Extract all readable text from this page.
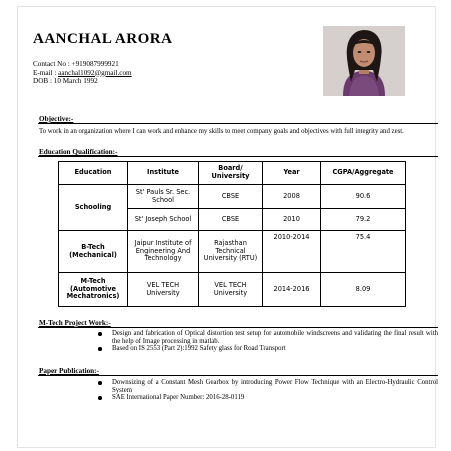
AANCHAL ARORA
Contact No : +919087999921
E-mail : aanchal1092@gmail.com
DOB : 10 March 1992
Objective:-
To work in an organization where I can work and enhance my skills to meet company goals and objectives with full integrity and zest.
Education Qualification:-
Education	Institute	Board/ University	Year	CGPA/Aggregate
Schooling	St' Pauls Sr. Sec. School	CBSE	2008	90.6
	St' Joseph School	CBSE	2010	79.2
B-Tech (Mechanical)	Jaipur Institute of Engineering And Technology	Rajasthan Technical University (RTU)	2010-2014	75.4
M-Tech (Automotive Mechatronics)	VEL TECH University	VEL TECH University	2014-2016	8.09
M-Tech Project Work:-
Design and fabrication of Optical distortion test setup for automobile windscreens and validating the final result with the help of Image processing in matlab.
Based on IS 2553 (Part 2):1992 Safety glass for Road Transport
Paper Publication:-
Downsizing of a Constant Mesh Gearbox by introducing Power Flow Technique with an Electro-Hydraulic Control System
SAE International Paper Number: 2016-28-0119
